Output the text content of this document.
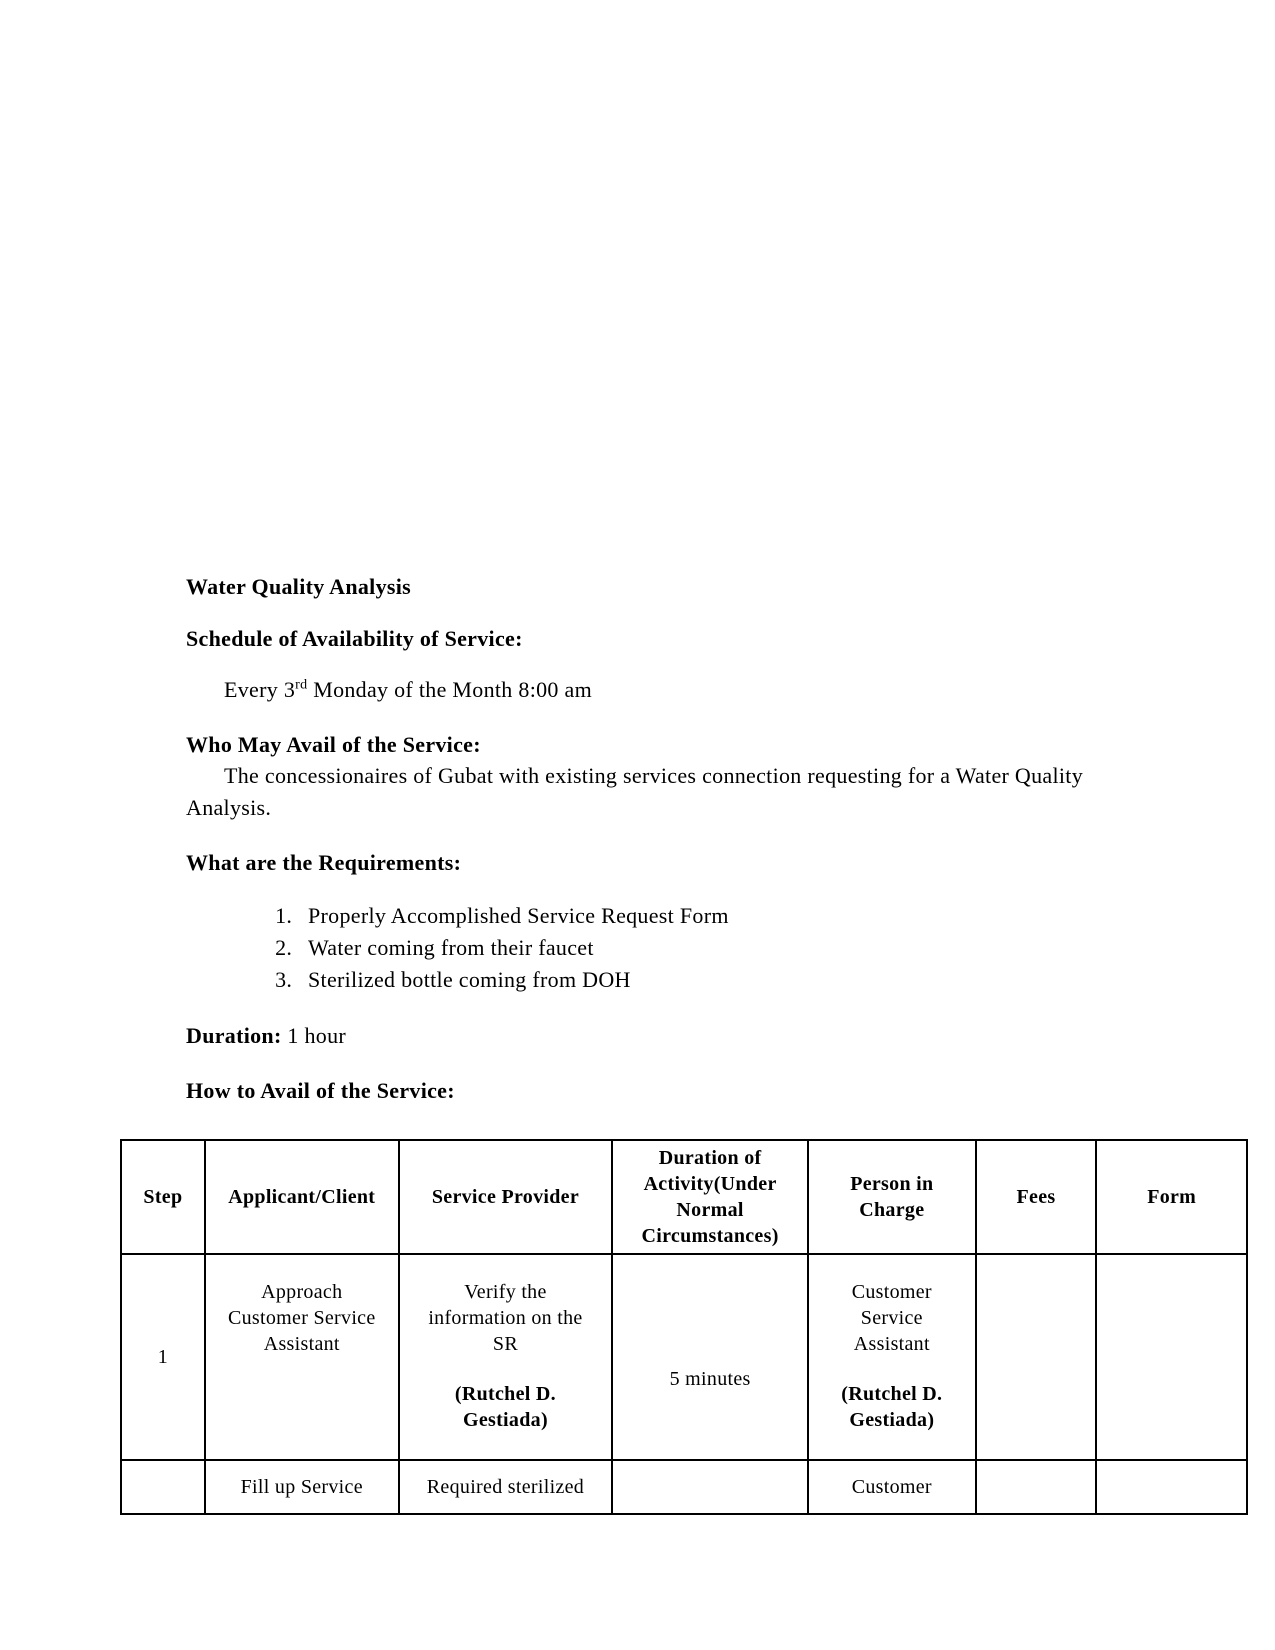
Water Quality Analysis

Schedule of Availability of Service:

Every 3rd Monday of the Month 8:00 am

Who May Avail of the Service:

The concessionaires of Gubat with existing services connection requesting for a Water Quality Analysis.

What are the Requirements:

1. Properly Accomplished Service Request Form
2. Water coming from their faucet
3. Sterilized bottle coming from DOH

Duration: 1 hour

How to Avail of the Service:

Step	Applicant/Client	Service Provider	Duration of
Activity(Under
Normal
Circumstances)	Person in
Charge	Fees	Form
1	Approach
Customer Service
Assistant	Verify the
information on the
SR
(Rutchel D.
Gestiada)	5 minutes	Customer
Service
Assistant
(Rutchel D.
Gestiada)		

	Fill up Service	Required sterilized		Customer		
